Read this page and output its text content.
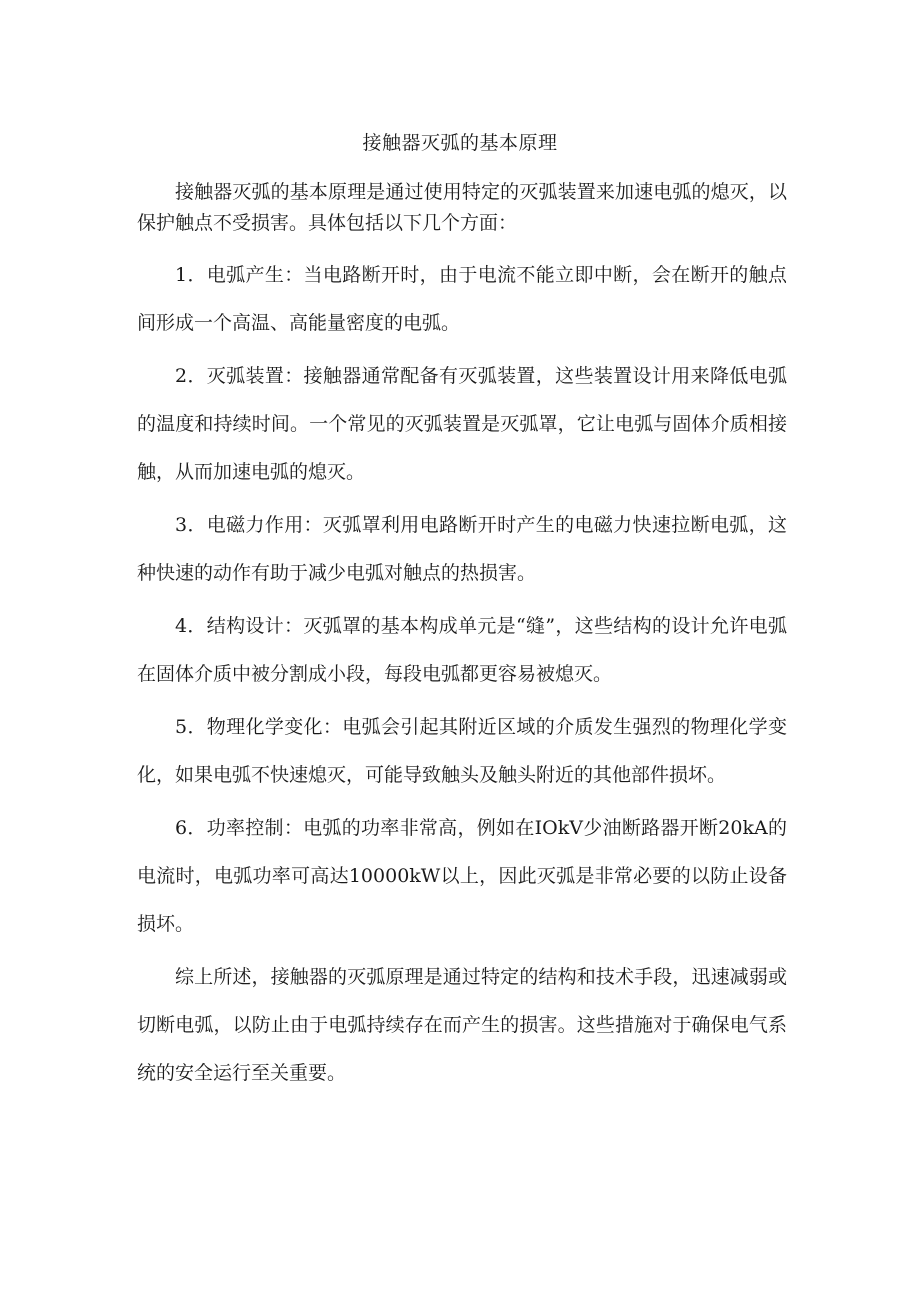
接触器灭弧的基本原理

接触器灭弧的基本原理是通过使用特定的灭弧装置来加速电弧的熄灭，以保护触点不受损害。具体包括以下几个方面：

1．电弧产生：当电路断开时，由于电流不能立即中断，会在断开的触点间形成一个高温、高能量密度的电弧。

2．灭弧装置：接触器通常配备有灭弧装置，这些装置设计用来降低电弧的温度和持续时间。一个常见的灭弧装置是灭弧罩，它让电弧与固体介质相接触，从而加速电弧的熄灭。

3．电磁力作用：灭弧罩利用电路断开时产生的电磁力快速拉断电弧，这种快速的动作有助于减少电弧对触点的热损害。

4．结构设计：灭弧罩的基本构成单元是“缝”，这些结构的设计允许电弧在固体介质中被分割成小段，每段电弧都更容易被熄灭。

5．物理化学变化：电弧会引起其附近区域的介质发生强烈的物理化学变化，如果电弧不快速熄灭，可能导致触头及触头附近的其他部件损坏。

6．功率控制：电弧的功率非常高，例如在IOkV少油断路器开断20kA的电流时，电弧功率可高达10000kW以上，因此灭弧是非常必要的以防止设备损坏。

综上所述，接触器的灭弧原理是通过特定的结构和技术手段，迅速减弱或切断电弧，以防止由于电弧持续存在而产生的损害。这些措施对于确保电气系统的安全运行至关重要。
